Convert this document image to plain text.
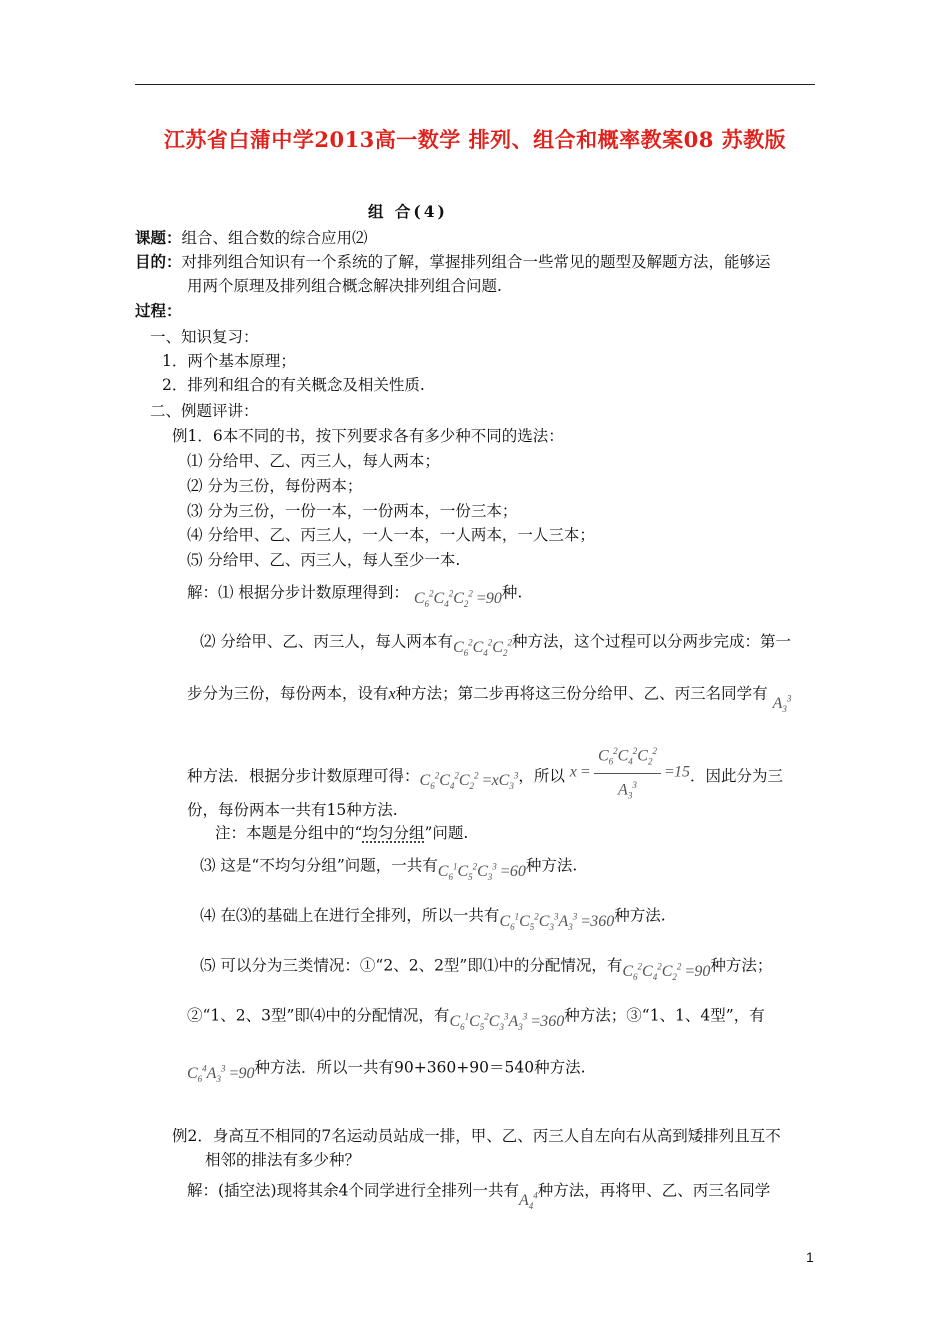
江苏省白蒲中学2013高一数学 排列、组合和概率教案08 苏教版
组 合(4)
课题：组合、组合数的综合应用⑵
目的：对排列组合知识有一个系统的了解，掌握排列组合一些常见的题型及解题方法，能够运
用两个原理及排列组合概念解决排列组合问题.
过程：
一、知识复习：
1．两个基本原理；
2．排列和组合的有关概念及相关性质.
二、例题评讲：
例1．6本不同的书，按下列要求各有多少种不同的选法：
⑴ 分给甲、乙、丙三人，每人两本；
⑵ 分为三份，每份两本；
⑶ 分为三份，一份一本，一份两本，一份三本；
⑷ 分给甲、乙、丙三人，一人一本，一人两本，一人三本；
⑸ 分给甲、乙、丙三人，每人至少一本.
解：⑴ 根据分步计数原理得到： $C_6^2C_4^2C_2^2 =90$种.
⑵ 分给甲、乙、丙三人，每人两本有$C_6^2C_4^2C_2^2$种方法，这个过程可以分两步完成：第一
步分为三份，每份两本，设有x种方法；第二步再将这三份分给甲、乙、丙三名同学有 $A_3^3$
种方法．根据分步计数原理可得：$C_6^2C_4^2C_2^2 =xC_3^3$，所以 $x = \frac{C_6^2C_4^2C_2^2}{A_3^3} =15$．因此分为三
份，每份两本一共有15种方法.
注：本题是分组中的“均匀分组”问题.
⑶ 这是“不均匀分组”问题，一共有$C_6^1C_5^2C_3^3 =60$种方法.
⑷ 在⑶的基础上在进行全排列，所以一共有$C_6^1C_5^2C_3^3A_3^3 =360$种方法.
⑸ 可以分为三类情况：①“2、2、2型”即⑴中的分配情况，有$C_6^2C_4^2C_2^2 =90$种方法；
②“1、2、3型”即⑷中的分配情况，有$C_6^1C_5^2C_3^3A_3^3 =360$种方法；③“1、1、4型”，有
$C_6^4A_3^3 =90$种方法．所以一共有90+360+90＝540种方法.
例2．身高互不相同的7名运动员站成一排，甲、乙、丙三人自左向右从高到矮排列且互不
相邻的排法有多少种？
解：(插空法)现将其余4个同学进行全排列一共有$A_4^4$种方法，再将甲、乙、丙三名同学
1
